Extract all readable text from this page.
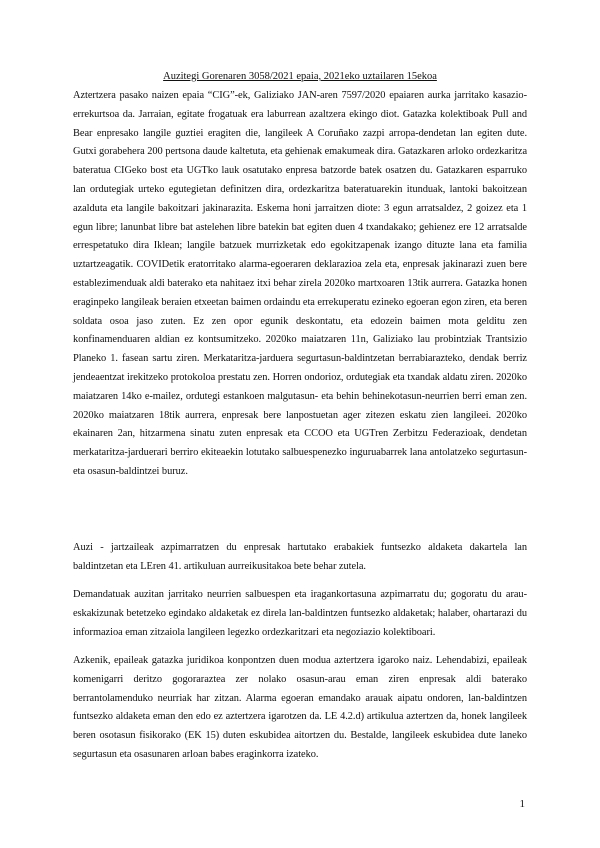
Auzitegi Gorenaren 3058/2021 epaia, 2021eko uztailaren 15ekoa

Aztertzera pasako naizen epaia “CIG”-ek, Galiziako JAN-aren 7597/2020 epaiaren aurka jarritako kasazio-errekurtsoa da. Jarraian, egitate frogatuak era laburrean azaltzera ekingo diot. Gatazka kolektiboak Pull and Bear enpresako langile guztiei eragiten die, langileek A Coruñako zazpi arropa-dendetan lan egiten dute. Gutxi gorabehera 200 pertsona daude kaltetuta, eta gehienak emakumeak dira. Gatazkaren arloko ordezkaritza bateratua CIGeko bost eta UGTko lauk osatutako enpresa batzorde batek osatzen du. Gatazkaren esparruko lan ordutegiak urteko egutegietan definitzen dira, ordezkaritza bateratuarekin itunduak, lantoki bakoitzean azalduta eta langile bakoitzari jakinarazita. Eskema honi jarraitzen diote: 3 egun arratsaldez, 2 goizez eta 1 egun libre; lanunbat libre bat astelehen libre batekin bat egiten duen 4 txandakako; gehienez ere 12 arratsalde errespetatuko dira Iklean; langile batzuek murrizketak edo egokitzapenak izango dituzte lana eta familia uztartzeagatik. COVIDetik eratorritako alarma-egoeraren deklarazioa zela eta, enpresak jakinarazi zuen bere establezimenduak aldi baterako eta nahitaez itxi behar zirela 2020ko martxoaren 13tik aurrera. Gatazka honen eraginpeko langileak beraien etxeetan baimen ordaindu eta errekuperatu ezineko egoeran egon ziren, eta beren soldata osoa jaso zuten. Ez zen opor egunik deskontatu, eta edozein baimen mota gelditu zen konfinamenduaren aldian ez kontsumitzeko. 2020ko maiatzaren 11n, Galiziako lau probintziak Trantsizio Planeko 1. fasean sartu ziren. Merkataritza-jarduera segurtasun-baldintzetan berrabiarazteko, dendak berriz jendeaentzat irekitzeko protokoloa prestatu zen. Horren ondorioz, ordutegiak eta txandak aldatu ziren. 2020ko maiatzaren 14ko e-mailez, ordutegi estankoen malgutasun- eta behin behinekotasun-neurrien berri eman zen. 2020ko maiatzaren 18tik aurrera, enpresak bere lanpostuetan ager zitezen eskatu zien langileei. 2020ko ekainaren 2an, hitzarmena sinatu zuten enpresak eta CCOO eta UGTren Zerbitzu Federazioak, dendetan merkataritza-jarduerari berriro ekiteaekin lotutako salbuespenezko inguruabarrek lana antolatzeko segurtasun- eta osasun-baldintzei buruz.

Auzi - jartzaileak azpimarratzen du enpresak hartutako erabakiek funtsezko aldaketa dakartela lan baldintzetan eta LEren 41. artikuluan aurreikusitakoa bete behar zutela.

Demandatuak auzitan jarritako neurrien salbuespen eta iragankortasuna azpimarratu du; gogoratu du arau-eskakizunak betetzeko egindako aldaketak ez direla lan-baldintzen funtsezko aldaketak; halaber, ohartarazi du informazioa eman zitzaiola langileen legezko ordezkaritzari eta negoziazio kolektiboari.

Azkenik, epaileak gatazka juridikoa konpontzen duen modua aztertzera igaroko naiz. Lehendabizi, epaileak komenigarri deritzo gogoraraztea zer nolako osasun-arau eman ziren enpresak aldi baterako berrantolamenduko neurriak har zitzan. Alarma egoeran emandako arauak aipatu ondoren, lan-baldintzen funtsezko aldaketa eman den edo ez aztertzera igarotzen da. LE 4.2.d) artikulua aztertzen da, honek langileek beren osotasun fisikorako (EK 15) duten eskubidea aitortzen du. Bestalde, langileek eskubidea dute laneko segurtasun eta osasunaren arloan babes eraginkorra izateko.

1
